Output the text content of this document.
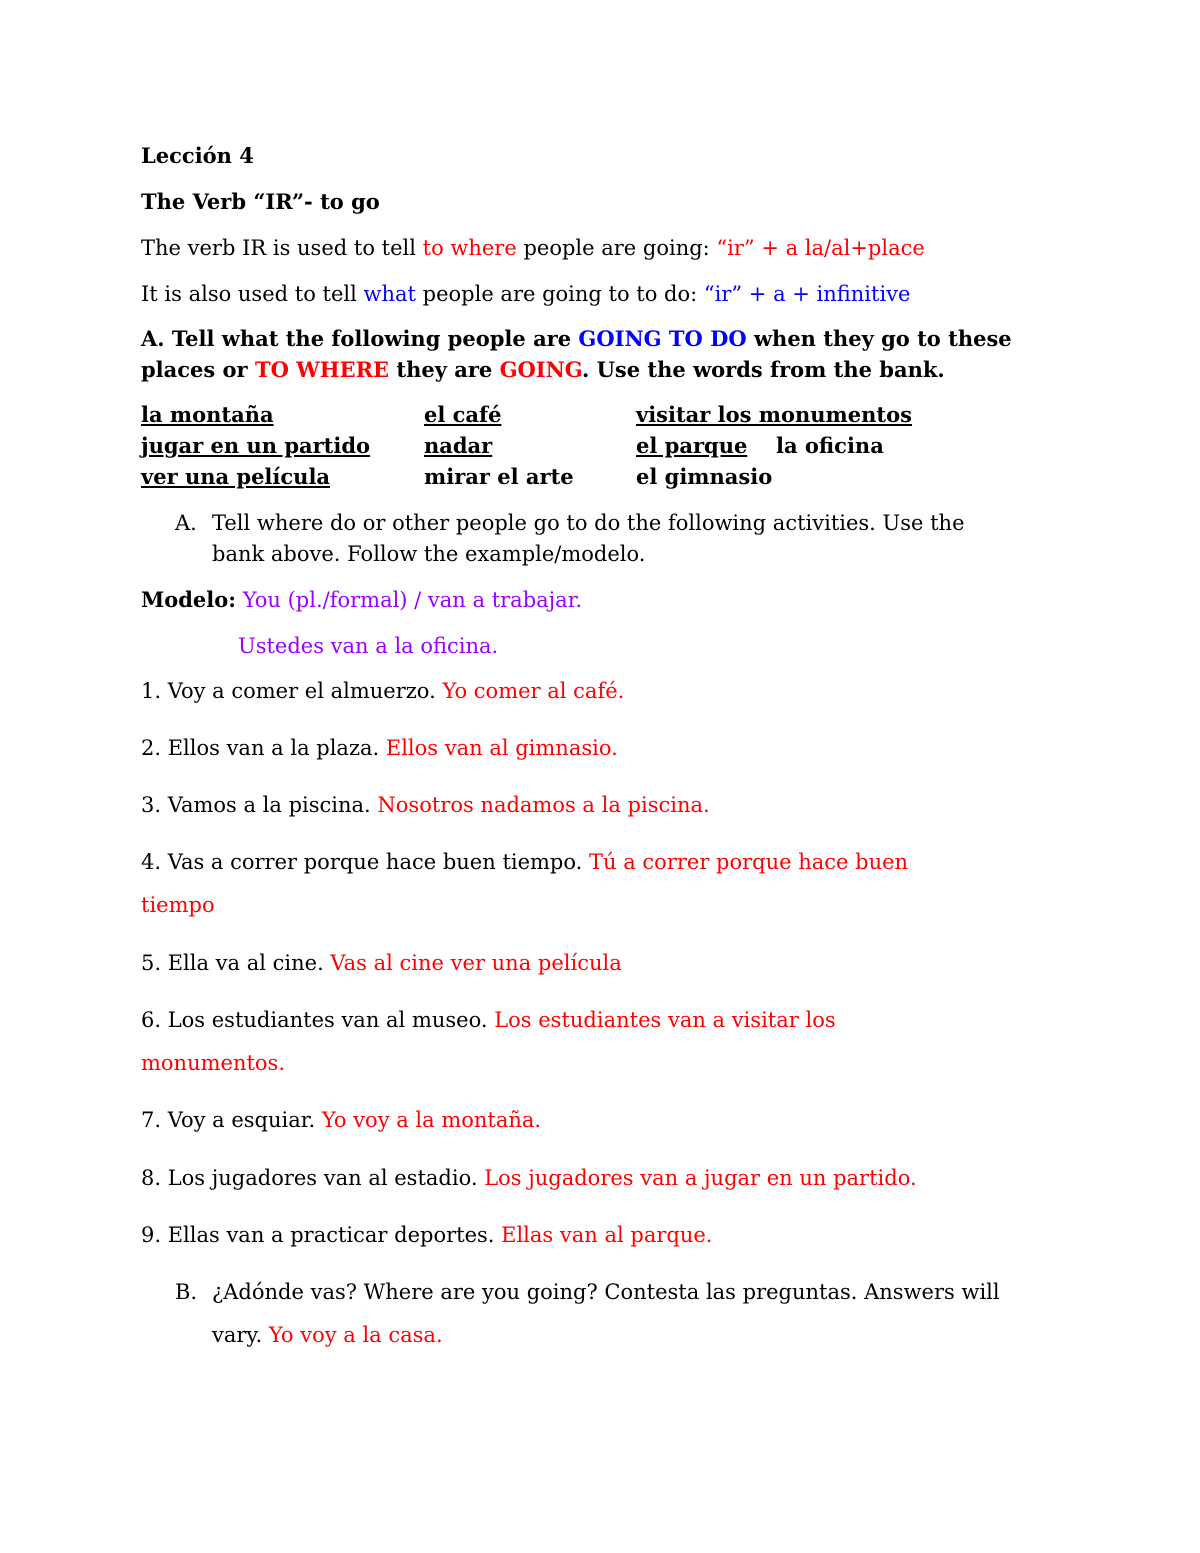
Lección 4
The Verb “IR”- to go
The verb IR is used to tell to where people are going: “ir” + a la/al+place
It is also used to tell what people are going to to do: “ir” + a + infinitive
A. Tell what the following people are GOING TO DO when they go to these
places or TO WHERE they are GOING. Use the words from the bank.
la montaña
jugar en un partido
ver una película
el café
nadar
mirar el arte
visitar los monumentos
el parque
el gimnasio
la oficina
A. Tell where do or other people go to do the following activities. Use the
bank above. Follow the example/modelo.
Modelo: You (pl./formal) / van a trabajar.
Ustedes van a la oficina.
1. Voy a comer el almuerzo. Yo comer al café.
2. Ellos van a la plaza. Ellos van al gimnasio.
3. Vamos a la piscina. Nosotros nadamos a la piscina.
4. Vas a correr porque hace buen tiempo. Tú a correr porque hace buen
tiempo
5. Ella va al cine. Vas al cine ver una película
6. Los estudiantes van al museo. Los estudiantes van a visitar los
monumentos.
7. Voy a esquiar. Yo voy a la montaña.
8. Los jugadores van al estadio. Los jugadores van a jugar en un partido.
9. Ellas van a practicar deportes. Ellas van al parque.
B. ¿Adónde vas? Where are you going? Contesta las preguntas. Answers will
vary. Yo voy a la casa.
